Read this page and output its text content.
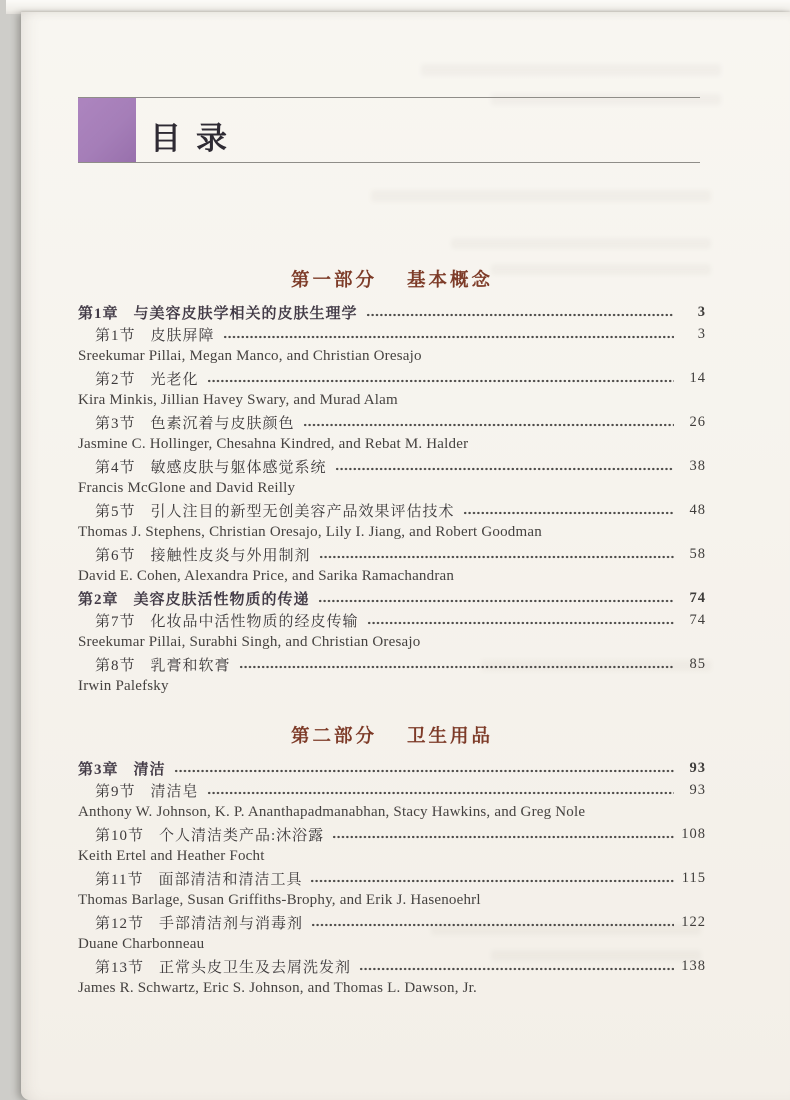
目录
第一部分 基本概念
第1章 与美容皮肤学相关的皮肤生理学	3
第1节 皮肤屏障	3
Sreekumar Pillai, Megan Manco, and Christian Oresajo
第2节 光老化	14
Kira Minkis, Jillian Havey Swary, and Murad Alam
第3节 色素沉着与皮肤颜色	26
Jasmine C. Hollinger, Chesahna Kindred, and Rebat M. Halder
第4节 敏感皮肤与躯体感觉系统	38
Francis McGlone and David Reilly
第5节 引人注目的新型无创美容产品效果评估技术	48
Thomas J. Stephens, Christian Oresajo, Lily I. Jiang, and Robert Goodman
第6节 接触性皮炎与外用制剂	58
David E. Cohen, Alexandra Price, and Sarika Ramachandran
第2章 美容皮肤活性物质的传递	74
第7节 化妆品中活性物质的经皮传输	74
Sreekumar Pillai, Surabhi Singh, and Christian Oresajo
第8节 乳膏和软膏	85
Irwin Palefsky
第二部分 卫生用品
第3章 清洁	93
第9节 清洁皂	93
Anthony W. Johnson, K. P. Ananthapadmanabhan, Stacy Hawkins, and Greg Nole
第10节 个人清洁类产品:沐浴露	108
Keith Ertel and Heather Focht
第11节 面部清洁和清洁工具	115
Thomas Barlage, Susan Griffiths-Brophy, and Erik J. Hasenoehrl
第12节 手部清洁剂与消毒剂	122
Duane Charbonneau
第13节 正常头皮卫生及去屑洗发剂	138
James R. Schwartz, Eric S. Johnson, and Thomas L. Dawson, Jr.
